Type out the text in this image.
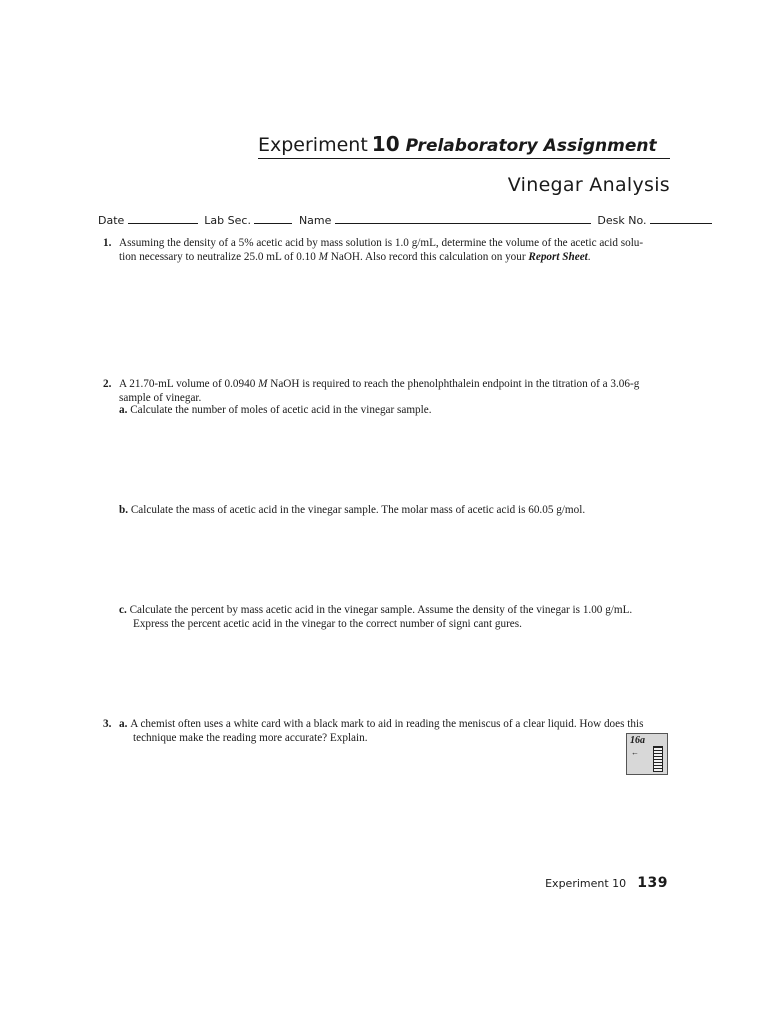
Experiment 10 Prelaboratory Assignment
Vinegar Analysis
Date	Lab Sec.	Name	Desk No.
1. Assuming the density of a 5% acetic acid by mass solution is 1.0 g/mL, determine the volume of the acetic acid solu-
tion necessary to neutralize 25.0 mL of 0.10 M NaOH. Also record this calculation on your Report Sheet.
2. A 21.70-mL volume of 0.0940 M NaOH is required to reach the phenolphthalein endpoint in the titration of a 3.06-g
sample of vinegar.
a. Calculate the number of moles of acetic acid in the vinegar sample.
b. Calculate the mass of acetic acid in the vinegar sample. The molar mass of acetic acid is 60.05 g/mol.
c. Calculate the percent by mass acetic acid in the vinegar sample. Assume the density of the vinegar is 1.00 g/mL.
Express the percent acetic acid in the vinegar to the correct number of signi cant gures.
3. a. A chemist often uses a white card with a black mark to aid in reading the meniscus of a clear liquid. How does this
technique make the reading more accurate? Explain.	16a
←
Experiment 10 139
